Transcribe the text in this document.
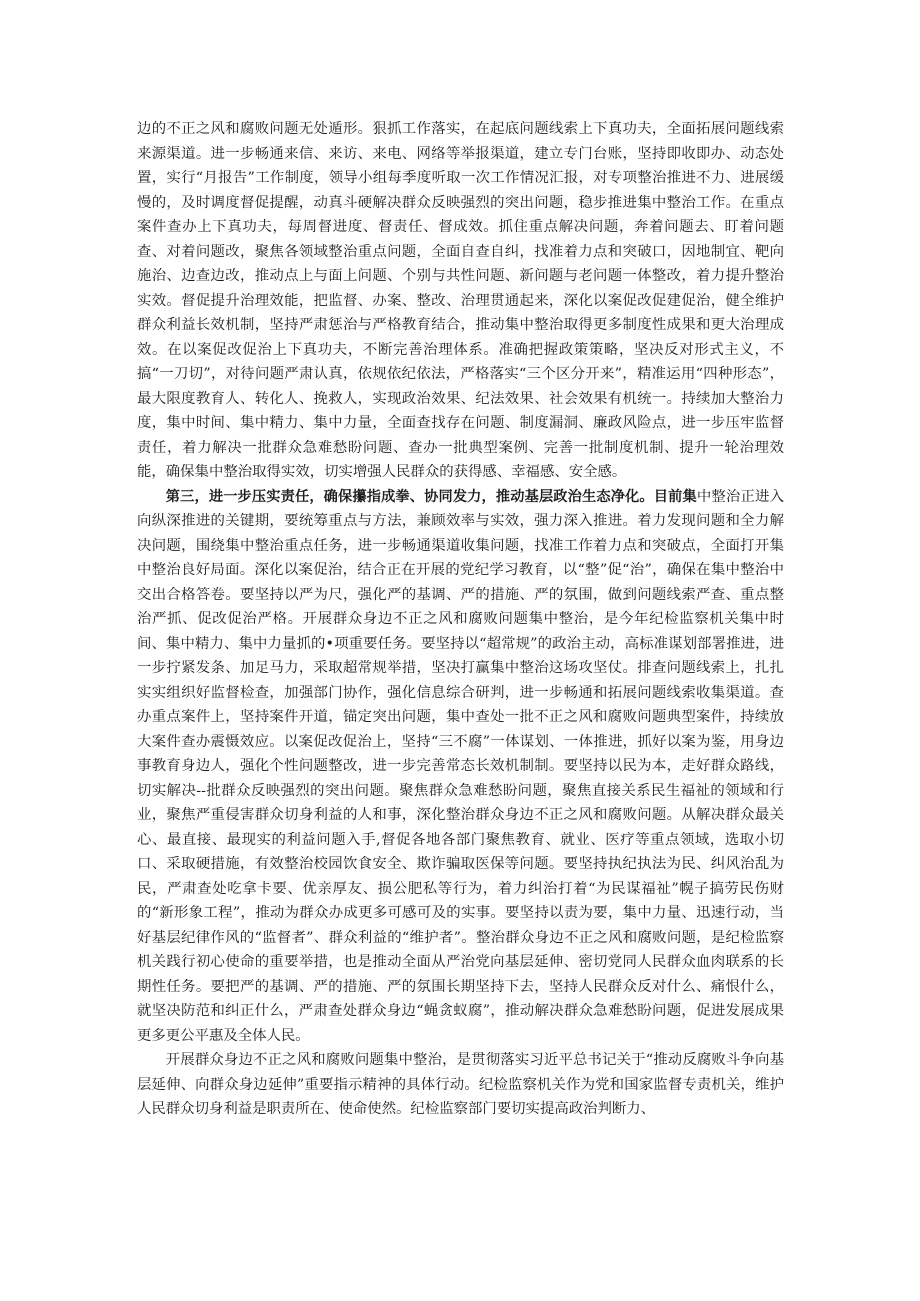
边的不正之风和腐败问题无处遁形。狠抓工作落实，在起底问题线索上下真功夫，全面拓展问题线索来源渠道。进一步畅通来信、来访、来电、网络等举报渠道，建立专门台账，坚持即收即办、动态处置，实行“月报告”工作制度，领导小组每季度听取一次工作情况汇报，对专项整治推进不力、进展缓慢的，及时调度督促提醒，动真斗硬解决群众反映强烈的突出问题，稳步推进集中整治工作。在重点案件查办上下真功夫，每周督进度、督责任、督成效。抓住重点解决问题，奔着问题去、盯着问题查、对着问题改，聚焦各领域整治重点问题，全面自查自纠，找准着力点和突破口，因地制宜、靶向施治、边查边改，推动点上与面上问题、个别与共性问题、新问题与老问题一体整改，着力提升整治实效。督促提升治理效能，把监督、办案、整改、治理贯通起来，深化以案促改促建促治，健全维护群众利益长效机制，坚持严肃惩治与严格教育结合，推动集中整治取得更多制度性成果和更大治理成效。在以案促改促治上下真功夫，不断完善治理体系。准确把握政策策略，坚决反对形式主义，不搞“一刀切”，对待问题严肃认真，依规依纪依法，严格落实“三个区分开来”，精准运用“四种形态”，最大限度教育人、转化人、挽救人，实现政治效果、纪法效果、社会效果有机统一。持续加大整治力度，集中时间、集中精力、集中力量，全面查找存在问题、制度漏洞、廉政风险点，进一步压牢监督责任，着力解决一批群众急难愁盼问题、查办一批典型案例、完善一批制度机制、提升一轮治理效能，确保集中整治取得实效，切实增强人民群众的获得感、幸福感、安全感。

第三，进一步压实责任，确保攥指成拳、协同发力，推动基层政治生态净化。目前集中整治正进入向纵深推进的关键期，要统筹重点与方法，兼顾效率与实效，强力深入推进。着力发现问题和全力解决问题，围绕集中整治重点任务，进一步畅通渠道收集问题，找准工作着力点和突破点，全面打开集中整治良好局面。深化以案促治，结合正在开展的党纪学习教育，以“整”促“治”，确保在集中整治中交出合格答卷。要坚持以严为尺，强化严的基调、严的措施、严的氛围，做到问题线索严查、重点整治严抓、促改促治严格。开展群众身边不正之风和腐败问题集中整治，是今年纪检监察机关集中时间、集中精力、集中力量抓的•项重要任务。要坚持以“超常规”的政治主动，高标准谋划部署推进，进一步拧紧发条、加足马力，采取超常规举措，坚决打赢集中整治这场攻坚仗。排查问题线索上，扎扎实实组织好监督检查，加强部门协作，强化信息综合研判，进一步畅通和拓展问题线索收集渠道。查办重点案件上，坚持案件开道，锚定突出问题，集中查处一批不正之风和腐败问题典型案件，持续放大案件查办震慑效应。以案促改促治上，坚持“三不腐”一体谋划、一体推进，抓好以案为鉴，用身边事教育身边人，强化个性问题整改，进一步完善常态长效机制制。要坚持以民为本，走好群众路线，切实解决--批群众反映强烈的突出问题。聚焦群众急难愁盼问题，聚焦直接关系民生福祉的领域和行业，聚焦严重侵害群众切身利益的人和事，深化整治群众身边不正之风和腐败问题。从解决群众最关心、最直接、最现实的利益问题入手,督促各地各部门聚焦教育、就业、医疗等重点领域，选取小切口、采取硬措施，有效整治校园饮食安全、欺诈骗取医保等问题。要坚持执纪执法为民、纠风治乱为民，严肃查处吃拿卡要、优亲厚友、损公肥私等行为，着力纠治打着“为民谋福祉”幌子搞劳民伤财的“新形象工程”，推动为群众办成更多可感可及的实事。要坚持以责为要，集中力量、迅速行动，当好基层纪律作风的“监督者”、群众利益的“维护者”。整治群众身边不正之风和腐败问题，是纪检监察机关践行初心使命的重要举措，也是推动全面从严治党向基层延伸、密切党同人民群众血肉联系的长期性任务。要把严的基调、严的措施、严的氛围长期坚持下去，坚持人民群众反对什么、痛恨什么，就坚决防范和纠正什么，严肃查处群众身边“蝇贪蚁腐”，推动解决群众急难愁盼问题，促进发展成果更多更公平惠及全体人民。

开展群众身边不正之风和腐败问题集中整治，是贯彻落实习近平总书记关于“推动反腐败斗争向基层延伸、向群众身边延伸”重要指示精神的具体行动。纪检监察机关作为党和国家监督专责机关，维护人民群众切身利益是职责所在、使命使然。纪检监察部门要切实提高政治判断力、
